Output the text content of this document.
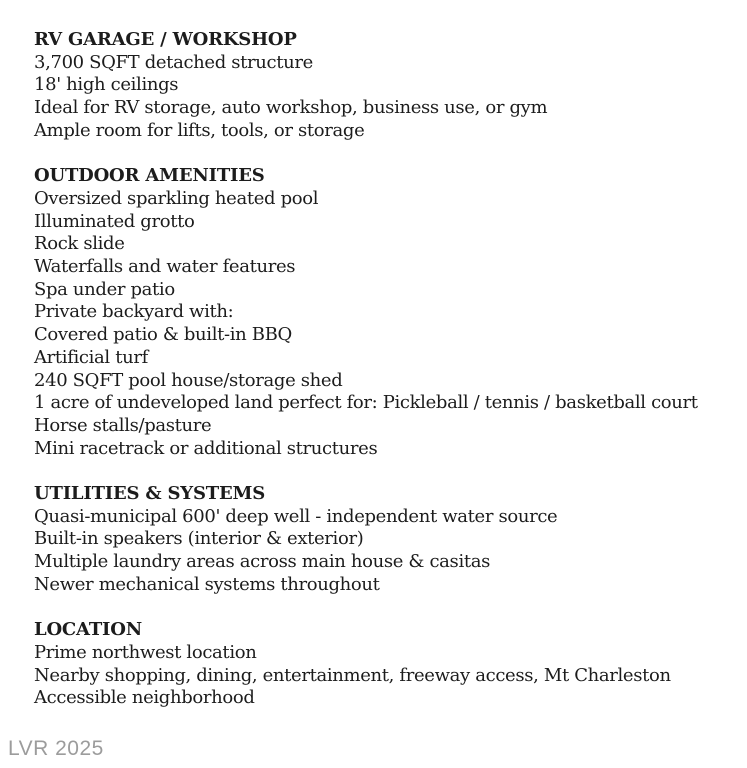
RV GARAGE / WORKSHOP

3,700 SQFT detached structure

18' high ceilings

Ideal for RV storage, auto workshop, business use, or gym

Ample room for lifts, tools, or storage

OUTDOOR AMENITIES

Oversized sparkling heated pool

Illuminated grotto

Rock slide

Waterfalls and water features

Spa under patio

Private backyard with:

Covered patio & built-in BBQ

Artificial turf

240 SQFT pool house/storage shed

1 acre of undeveloped land perfect for: Pickleball / tennis / basketball court

Horse stalls/pasture

Mini racetrack or additional structures

UTILITIES & SYSTEMS

Quasi-municipal 600' deep well - independent water source

Built-in speakers (interior & exterior)

Multiple laundry areas across main house & casitas

Newer mechanical systems throughout

LOCATION

Prime northwest location

Nearby shopping, dining, entertainment, freeway access, Mt Charleston

Accessible neighborhood

LVR 2025
